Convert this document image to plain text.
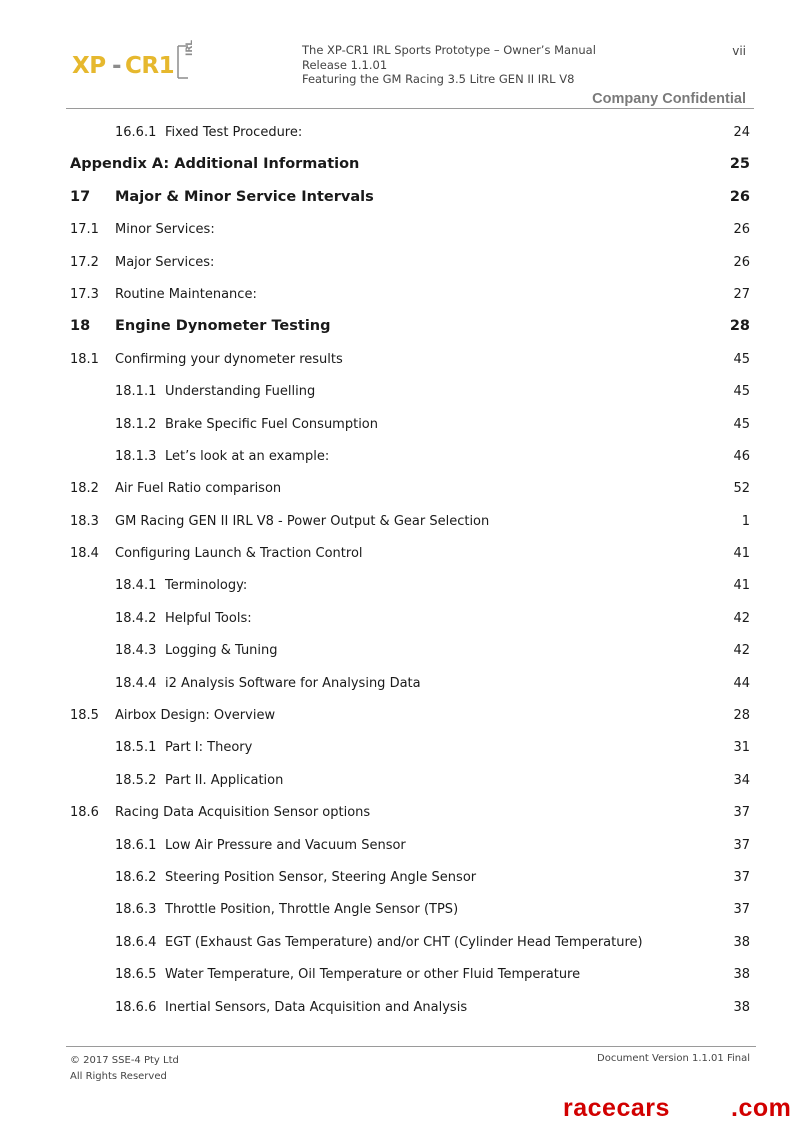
XP - CR1
IRL	The XP-CR1 IRL Sports Prototype – Owner’s Manual
Release 1.1.01
Featuring the GM Racing 3.5 Litre GEN II IRL V8
vii
Company Confidential
16.6.1 Fixed Test Procedure:	24
Appendix A: Additional Information	25
17 Major & Minor Service Intervals	26
17.1 Minor Services:	26
17.2 Major Services:	26
17.3 Routine Maintenance:	27
18 Engine Dynometer Testing	28
18.1 Confirming your dynometer results	45
18.1.1 Understanding Fuelling	45
18.1.2 Brake Specific Fuel Consumption	45
18.1.3 Let’s look at an example:	46
18.2 Air Fuel Ratio comparison	52
18.3 GM Racing GEN II IRL V8 - Power Output & Gear Selection	1
18.4 Configuring Launch & Traction Control	41
18.4.1 Terminology:	41
18.4.2 Helpful Tools:	42
18.4.3 Logging & Tuning	42
18.4.4 i2 Analysis Software for Analysing Data	44
18.5 Airbox Design: Overview	28
18.5.1 Part I: Theory	31
18.5.2 Part II. Application	34
18.6 Racing Data Acquisition Sensor options	37
18.6.1 Low Air Pressure and Vacuum Sensor	37
18.6.2 Steering Position Sensor, Steering Angle Sensor	37
18.6.3 Throttle Position, Throttle Angle Sensor (TPS)	37
18.6.4 EGT (Exhaust Gas Temperature) and/or CHT (Cylinder Head Temperature)	38
18.6.5 Water Temperature, Oil Temperature or other Fluid Temperature	38
18.6.6 Inertial Sensors, Data Acquisition and Analysis	38
© 2017 SSE-4 Pty Ltd
All Rights Reserved
Document Version 1.1.01 Final
racecars .com
